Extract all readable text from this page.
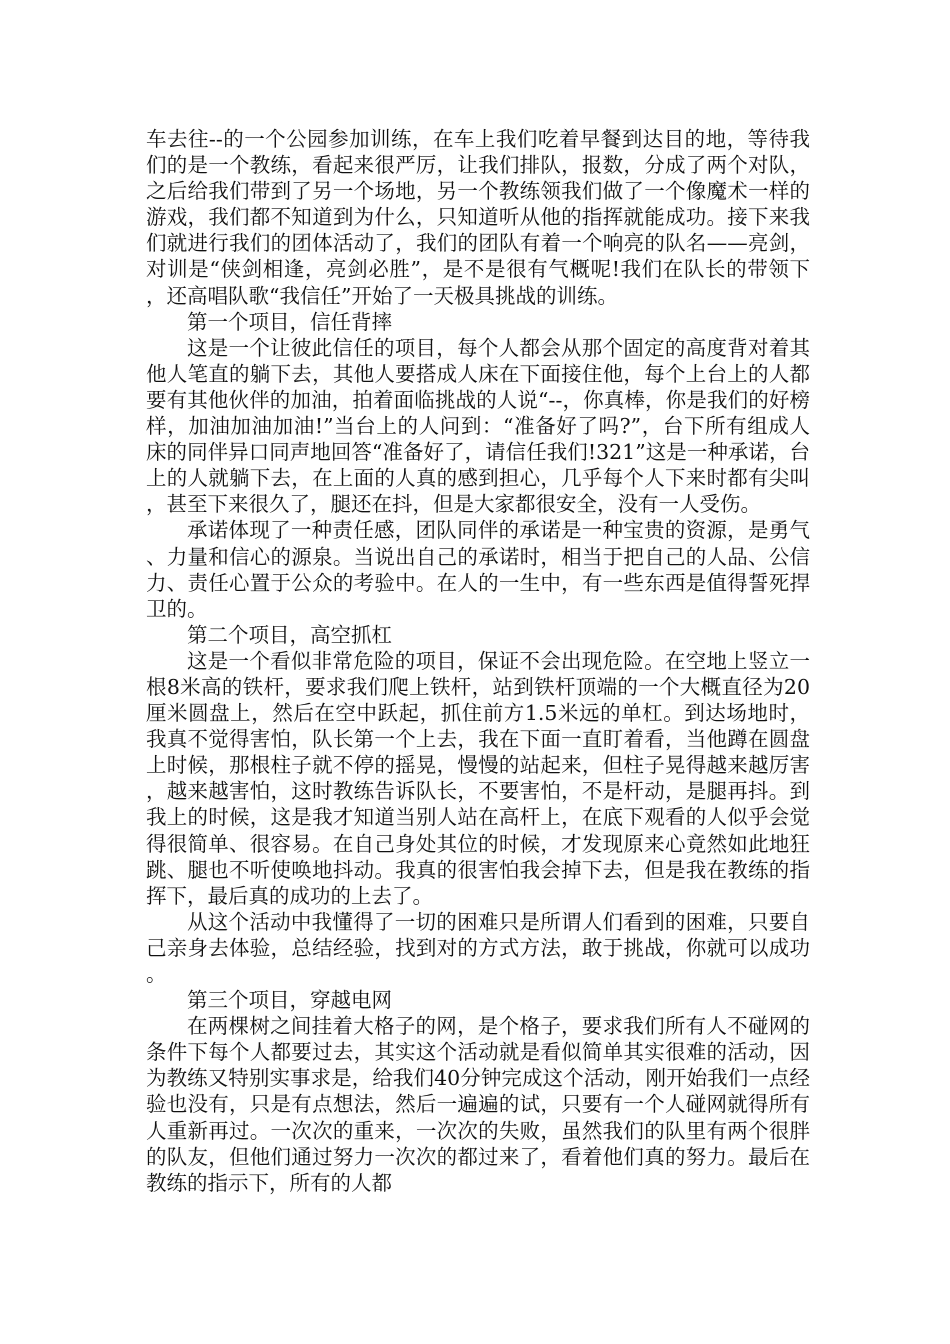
车去往--的一个公园参加训练，在车上我们吃着早餐到达目的地，等待我们的是一个教练，看起来很严厉，让我们排队，报数，分成了两个对队，之后给我们带到了另一个场地，另一个教练领我们做了一个像魔术一样的游戏，我们都不知道到为什么，只知道听从他的指挥就能成功。接下来我们就进行我们的团体活动了，我们的团队有着一个响亮的队名——亮剑，对训是“侠剑相逢，亮剑必胜”，是不是很有气概呢!我们在队长的带领下，还高唱队歌“我信任”开始了一天极具挑战的训练。

第一个项目，信任背摔

这是一个让彼此信任的项目，每个人都会从那个固定的高度背对着其他人笔直的躺下去，其他人要搭成人床在下面接住他，每个上台上的人都要有其他伙伴的加油，拍着面临挑战的人说“--，你真棒，你是我们的好榜样，加油加油加油!”当台上的人问到：“准备好了吗?”，台下所有组成人床的同伴异口同声地回答“准备好了，请信任我们!321”这是一种承诺，台上的人就躺下去，在上面的人真的感到担心，几乎每个人下来时都有尖叫，甚至下来很久了，腿还在抖，但是大家都很安全，没有一人受伤。

承诺体现了一种责任感，团队同伴的承诺是一种宝贵的资源，是勇气、力量和信心的源泉。当说出自己的承诺时，相当于把自己的人品、公信力、责任心置于公众的考验中。在人的一生中，有一些东西是值得誓死捍卫的。

第二个项目，高空抓杠

这是一个看似非常危险的项目，保证不会出现危险。在空地上竖立一根8米高的铁杆，要求我们爬上铁杆，站到铁杆顶端的一个大概直径为20厘米圆盘上，然后在空中跃起，抓住前方1.5米远的单杠。到达场地时，我真不觉得害怕，队长第一个上去，我在下面一直盯着看，当他蹲在圆盘上时候，那根柱子就不停的摇晃，慢慢的站起来，但柱子晃得越来越厉害，越来越害怕，这时教练告诉队长，不要害怕，不是杆动，是腿再抖。到我上的时候，这是我才知道当别人站在高杆上，在底下观看的人似乎会觉得很简单、很容易。在自己身处其位的时候，才发现原来心竟然如此地狂跳、腿也不听使唤地抖动。我真的很害怕我会掉下去，但是我在教练的指挥下，最后真的成功的上去了。

从这个活动中我懂得了一切的困难只是所谓人们看到的困难，只要自己亲身去体验，总结经验，找到对的方式方法，敢于挑战，你就可以成功。

第三个项目，穿越电网

在两棵树之间挂着大格子的网，是个格子，要求我们所有人不碰网的条件下每个人都要过去，其实这个活动就是看似简单其实很难的活动，因为教练又特别实事求是，给我们40分钟完成这个活动，刚开始我们一点经验也没有，只是有点想法，然后一遍遍的试，只要有一个人碰网就得所有人重新再过。一次次的重来，一次次的失败，虽然我们的队里有两个很胖的队友，但他们通过努力一次次的都过来了，看着他们真的努力。最后在教练的指示下，所有的人都
